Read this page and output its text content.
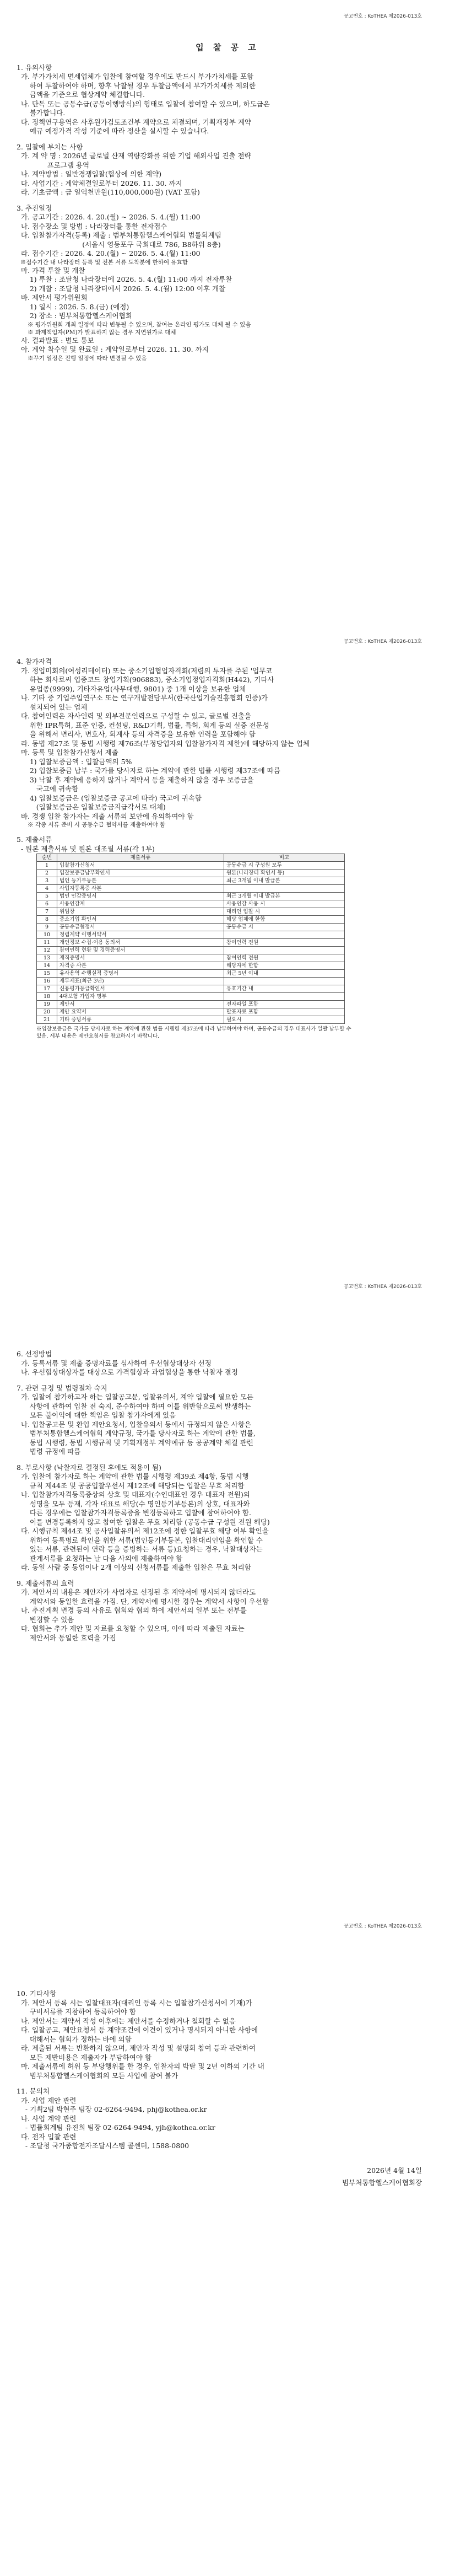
공고번호 : KoTHEA 제2026-013호
입 찰 공 고
1. 유의사항
가. 부가가치세 면세업체가 입찰에 참여할 경우에도 반드시 부가가치세를 포함
하여 투찰하여야 하며, 향후 낙찰될 경우 투찰금액에서 부가가치세를 제외한
금액을 기준으로 협상계약 체결합니다.
나. 단독 또는 공동수급(공동이행방식)의 형태로 입찰에 참여할 수 있으며, 하도급은
불가합니다.
다. 정책연구용역은 사후원가검토조건부 계약으로 체결되며, 기획재정부 계약
예규 예정가격 작성 기준에 따라 정산을 실시할 수 있습니다.
2. 입찰에 부치는 사항
가. 계 약 명 : 2026년 글로벌 산재 역량강화를 위한 기업 해외사업 진출 전략
프로그램 용역
나. 계약방법 : 일반경쟁입찰(협상에 의한 계약)
다. 사업기간 : 계약체결일로부터 2026. 11. 30. 까지
라. 기초금액 : 금 일억천만원(110,000,000원) (VAT 포함)
3. 추진일정
가. 공고기간 : 2026. 4. 20.(월) ~ 2026. 5. 4.(월) 11:00
나. 접수장소 및 방법 : 나라장터를 통한 전자접수
다. 입찰참가자격(등록) 제출 : 범부처통합헬스케어협회 법률회계팀
(서울시 영등포구 국회대로 786, B8하위 8층)
라. 접수기간 : 2026. 4. 20.(월) ~ 2026. 5. 4.(월) 11:00
※접수기간 내 나라장터 등록 및 전본 서류 도착분에 한하여 유효함
마. 가격 투찰 및 개찰
1) 투찰 : 조달청 나라장터에 2026. 5. 4.(월) 11:00 까지 전자투찰
2) 개찰 : 조달청 나라장터에서 2026. 5. 4.(월) 12:00 이후 개찰
바. 제안서 평가위원회
1) 일시 : 2026. 5. 8.(금) (예정)
2) 장소 : 범부처통합헬스케어협회
※ 평가위원회 개최 일정에 따라 변동될 수 있으며, 참여는 온라인 평가도 대체 될 수 있음
※ 과제책임자(PM)가 발표하지 않는 경우 지연원가로 대체
사. 결과발표 : 별도 통보
아. 계약 착수일 및 완료일 : 계약일로부터 2026. 11. 30. 까지
※꾸기 일정은 진행 일정에 따라 변경될 수 있음
공고번호 : KoTHEA 제2026-013호
4. 참가자격
가. 정업미회의(여성리테이터) 또는 중소기업협업자격회(저렴의 투자를 주된 '업무코
하는 회사로써 업종코드 창업기획(906883), 중소기업정업자격회(H442), 기타사
유업종(9999), 기타자유업(사무대행, 9801) 중 1개 이상을 보유한 업체
나. 기타 중 기업주입연구소 또는 연구개발전담부서(한국산업기술진흥협회 인증)가
설치되어 있는 업체
다. 참여인력은 자사인력 및 외부전문인력으로 구성할 수 있고, 글로벌 진출을
위한 IPR특허, 표준 인증, 컨설팅, R&D기획, 법률, 특허, 회계 등의 실증 전문성
을 위해서 변리사, 변호사, 회계사 등의 자격증을 보유한 인력을 포함해야 함
라. 동법 제27조 및 동법 시행령 제76조(부정당업자의 입찰참가자격 제한)에 해당하지 않는 업체
마. 등록 및 입찰참가신청서 제출
1) 입찰보증금액 : 입찰금액의 5%
2) 입찰보증금 납부 : 국가를 당사자로 하는 계약에 관한 법률 시행령 제37조에 따름
3) 낙찰 후 계약에 응하지 않거나 계약서 등을 제출하지 않을 경우 보증금을
국고에 귀속함
4) 입찰보증금은 (입찰보증금 공고에 따라) 국고에 귀속함
(입찰보증금은 입찰보증금지급각서로 대체)
바. 경쟁 입찰 참가자는 제출 서류의 보안에 유의하여야 함
※ 각종 서류 준비 시 공동수급 협약서를 제출하여야 함
5. 제출서류
- 원본 제출서류 및 원본 대조필 서류(각 1부)
순번	제출서류	비고
1	입찰참가신청서	공동수급 시 구성원 모두
2	입찰보증금납부확인서	원본(나라장터 확인서 등)
3	법인 등기부등본	최근 3개월 이내 발급본
4	사업자등록증 사본	
5	법인 인감증명서	최근 3개월 이내 발급본
6	사용인감계	사용인감 사용 시
7	위임장	대리인 입찰 시
8	중소기업 확인서	해당 업체에 한함
9	공동수급협정서	공동수급 시
10	청렴계약 이행서약서	
11	개인정보 수집·이용 동의서	참여인력 전원
12	참여인력 현황 및 경력증명서	
13	재직증명서	참여인력 전원
14	자격증 사본	해당자에 한함
15	유사용역 수행실적 증명서	최근 5년 이내
16	재무제표(최근 3년)	
17	신용평가등급확인서	유효기간 내
18	4대보험 가입자 명부	
19	제안서	전자파일 포함
20	제안 요약서	발표자료 포함
21	기타 증빙서류	필요시
※입찰보증금은 국가를 당사자로 하는 계약에 관한 법률 시행령 제37조에 따라 납부하여야 하며, 공동수급의 경우 대표사가 일괄 납부할 수 있음. 세부 내용은 제안요청서를 참고하시기 바랍니다.
공고번호 : KoTHEA 제2026-013호
6. 선정방법
가. 등록서류 및 제출 증명자료를 심사하여 우선협상대상자 선정
나. 우선협상대상자를 대상으로 가격협상과 과업협상을 통한 낙찰자 결정
7. 관련 규정 및 법령절차 숙지
가. 입찰에 참가하고자 하는 입찰공고문, 입찰유의서, 계약 입찰에 필요한 모든
사항에 관하여 입찰 전 숙지, 준수하여야 하며 이를 위반함으로써 발생하는
모든 불이익에 대한 책임은 입찰 참가자에게 있음
나. 입찰공고문 및 환입 제안요청서, 입찰유의서 등에서 규정되지 않은 사항은
범부처통합헬스케어협회 계약규정, 국가를 당사자로 하는 계약에 관한 법률,
동법 시행령, 동법 시행규칙 및 기획재정부 계약예규 등 공공계약 체결 관련
법령 규정에 따름
8. 부로사항 (낙찰자로 결정된 후에도 적용이 됨)
가. 입찰에 참가자로 하는 계약에 관한 법률 시행령 제39조 제4항, 동법 시행
규칙 제44조 및 공공입찰우선서 제12조에 해당되는 입찰은 무효 처리함
나. 입찰참가자격등록증상의 상호 및 대표자(수인대표인 경우 대표자 전원)의
성명을 모두 등재, 각자 대표로 해당(수 명인등기부등본)의 상호, 대표자와
다른 경우에는 입찰참가자격등록증을 변경등록하고 입찰에 참여하여야 함.
이를 변경등록하지 않고 참여한 입찰은 무효 처리함 (공동수급 구성원 전원 해당)
다. 시행규칙 제44조 및 공사입찰유의서 제12조에 정한 입찰무효 해당 여부 확인을
위하여 등록명로 확인을 위한 서류(법인등기부등본, 입찰대리인임을 확인할 수
있는 서류, 관련된이 연락 등을 증빙하는 서류 등)요청하는 경우, 낙찰대상자는
관계서류를 요청하는 날 다음 사의에 제출하여야 함
라. 동일 사람 중 동업이나 2개 이상의 신청서류를 제출한 입찰은 무효 처리함
9. 제출서류의 효력
가. 제안서의 내용은 제안자가 사업자로 선정된 후 계약서에 명시되지 않더라도
계약서와 동일한 효력을 가짐. 단, 계약서에 명시한 경우는 계약서 사항이 우선함
나. 추진계획 변경 등의 사유로 협회와 협의 하에 제안서의 일부 또는 전부를
변경할 수 있음
다. 협회는 추가 제안 및 자료를 요청할 수 있으며, 이에 따라 제출된 자료는
제안서와 동일한 효력을 가짐
공고번호 : KoTHEA 제2026-013호
10. 기타사항
가. 제안서 등록 시는 입찰대표자(대리인 등록 시는 입찰참가신청서에 기재)가
구비서류를 지참하여 등록하여야 함
나. 제안서는 계약서 작성 이후에는 제안서를 수정하거나 철회할 수 없음
다. 입찰공고, 제안요청서 등 계약조건에 이견이 있거나 명시되지 아니한 사항에
대해서는 협회가 정하는 바에 의함
라. 제출된 서류는 반환하지 않으며, 제안자 작성 및 설명회 참여 등과 관련하여
모든 제반비용은 제출자가 부담하여야 함
마. 제출서류에 허위 등 부당행위를 한 경우, 입찰자의 박탈 및 2년 이하의 기간 내
범부처통합헬스케어협회의 모든 사업에 참여 불가
11. 문의처
가. 사업 제안 관련
- 기획2팀 박현주 팀장 02-6264-9494, phj@kothea.or.kr
나. 사업 계약 관련
- 법률회계팀 유진희 팀장 02-6264-9494, yjh@kothea.or.kr
다. 전자 입찰 관련
- 조달청 국가종합전자조달시스템 콜센터, 1588-0800
2026년 4월 14일
범부처통합헬스케어협회장
